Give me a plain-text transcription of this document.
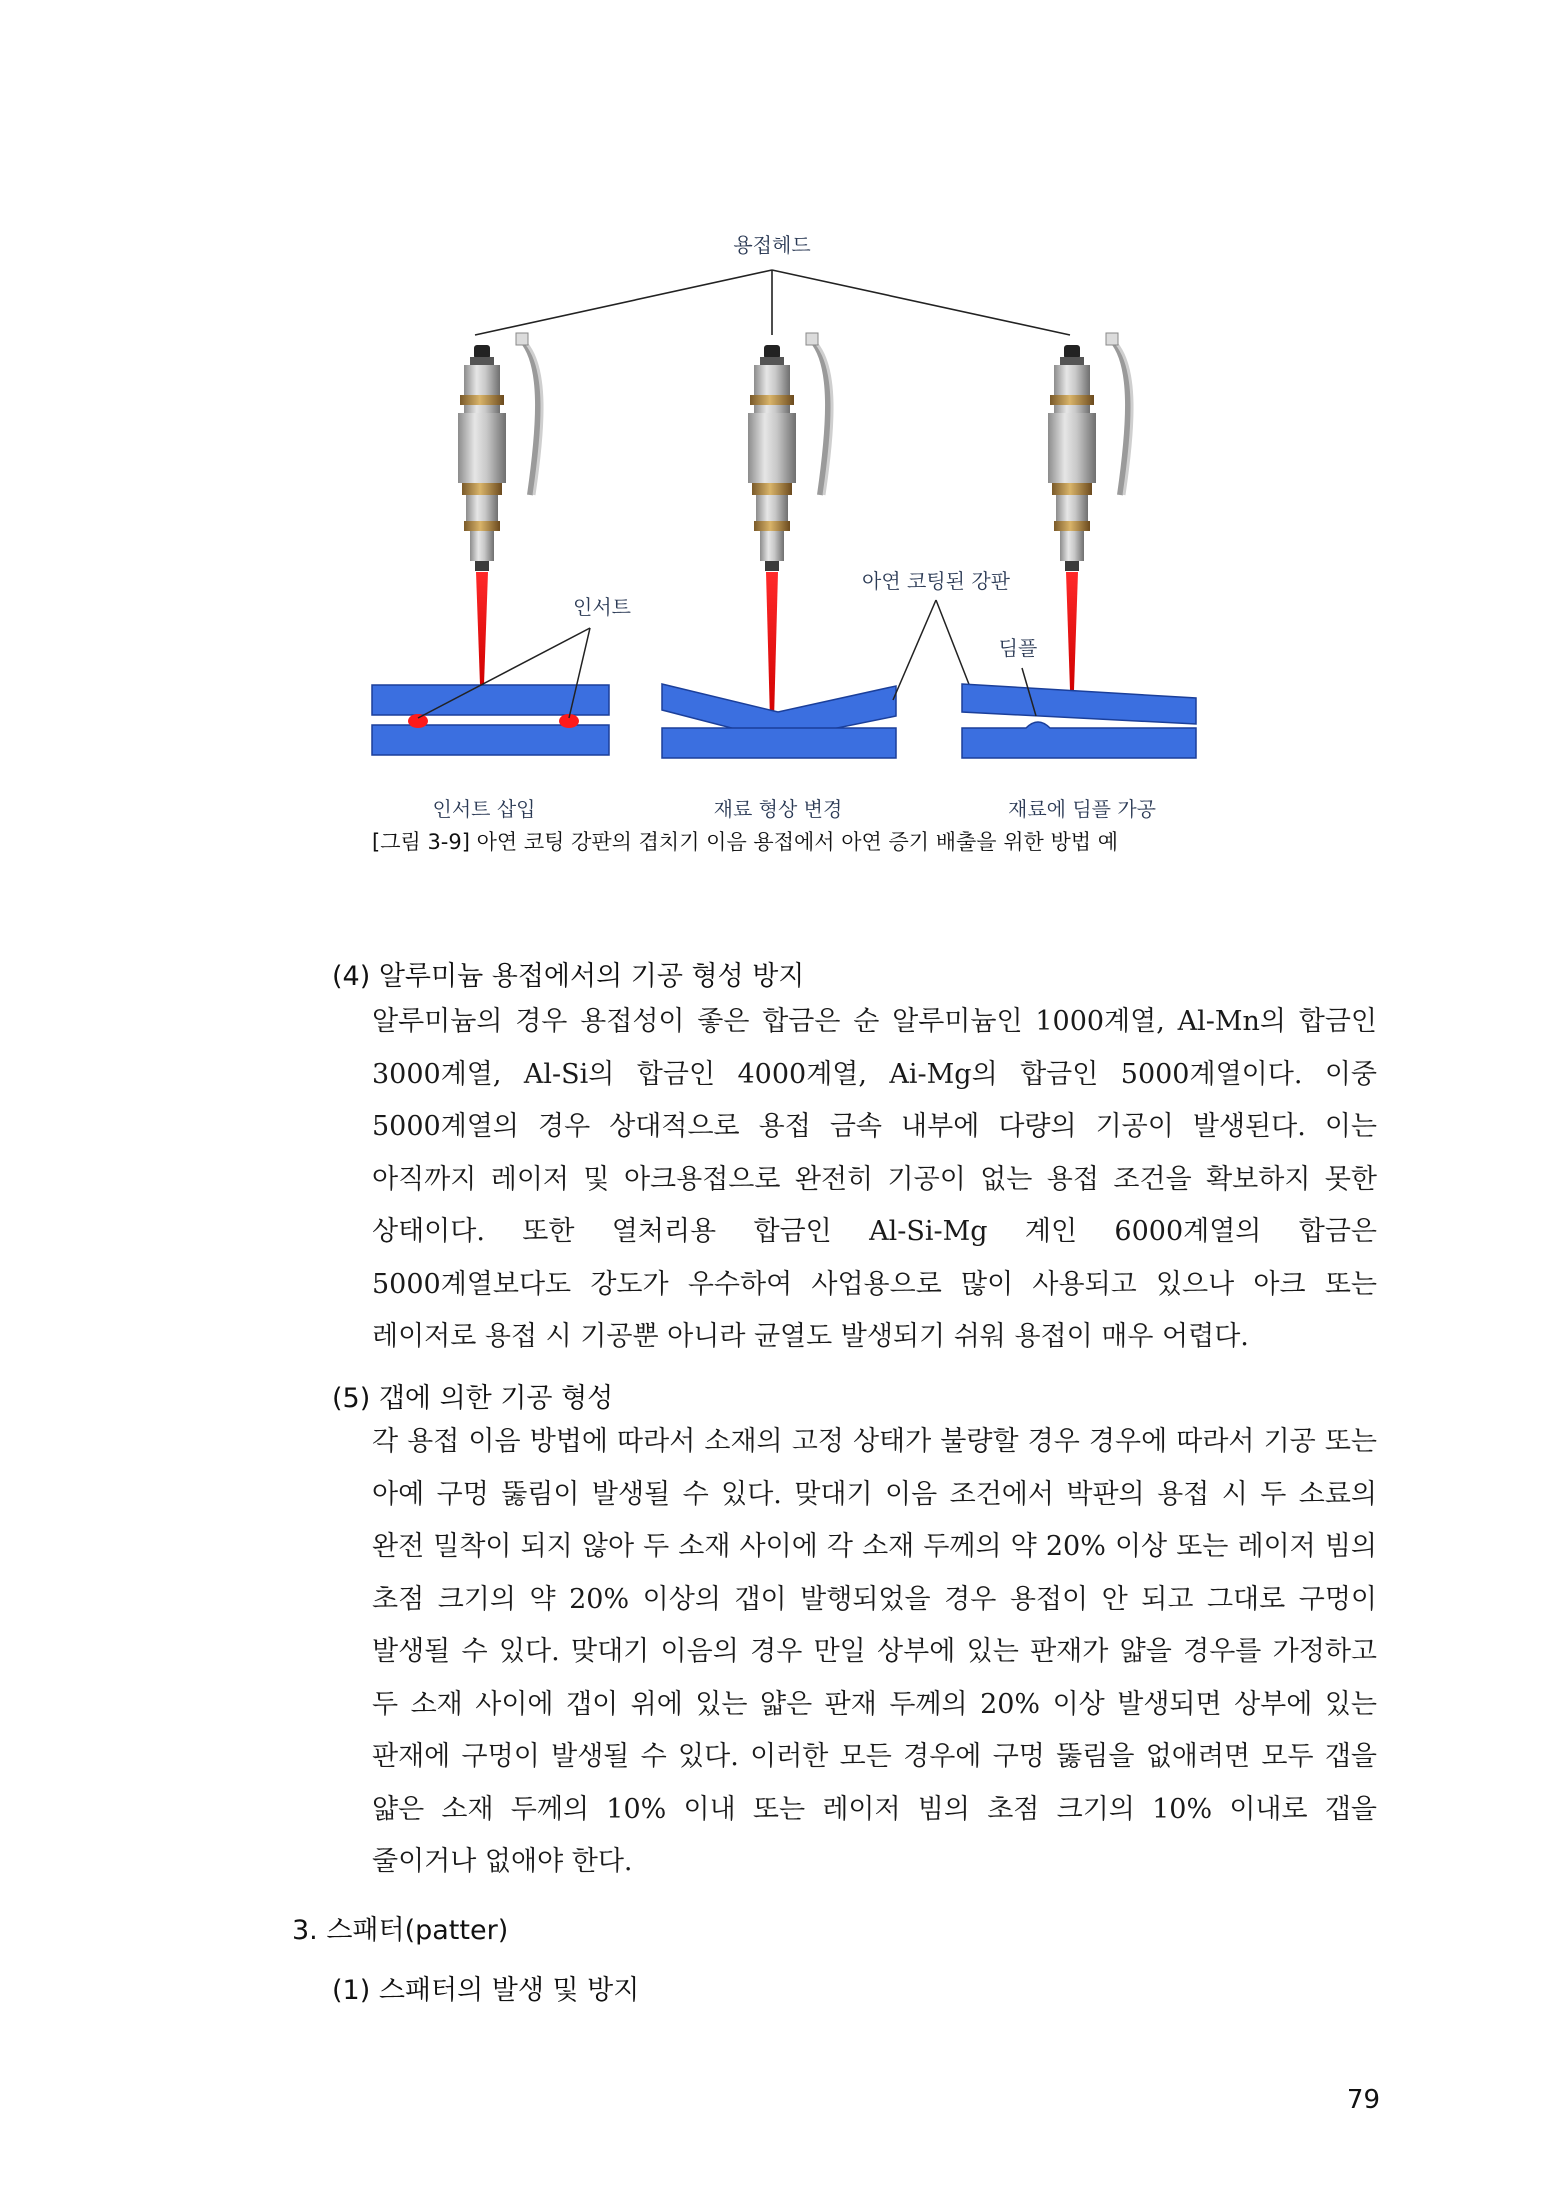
용접헤드
인서트
아연 코팅된 강판
딤플
인서트 삽입	재료 형상 변경	재료에 딤플 가공
[그림 3-9] 아연 코팅 강판의 겹치기 이음 용접에서 아연 증기 배출을 위한 방법 예
(4) 알루미늄 용접에서의 기공 형성 방지
알루미늄의 경우 용접성이 좋은 합금은 순 알루미늄인 1000계열, Al-Mn의 합금인 3000계열, Al-Si의 합금인 4000계열, Ai-Mg의 합금인 5000계열이다. 이중 5000계열의 경우 상대적으로 용접 금속 내부에 다량의 기공이 발생된다. 이는 아직까지 레이저 및 아크용접으로 완전히 기공이 없는 용접 조건을 확보하지 못한 상태이다. 또한 열처리용 합금인 Al-Si-Mg 계인 6000계열의 합금은 5000계열보다도 강도가 우수하여 사업용으로 많이 사용되고 있으나 아크 또는 레이저로 용접 시 기공뿐 아니라 균열도 발생되기 쉬워 용접이 매우 어렵다.
(5) 갭에 의한 기공 형성
각 용접 이음 방법에 따라서 소재의 고정 상태가 불량할 경우 경우에 따라서 기공 또는 아예 구멍 뚫림이 발생될 수 있다. 맞대기 이음 조건에서 박판의 용접 시 두 소료의 완전 밀착이 되지 않아 두 소재 사이에 각 소재 두께의 약 20% 이상 또는 레이저 빔의 초점 크기의 약 20% 이상의 갭이 발행되었을 경우 용접이 안 되고 그대로 구멍이 발생될 수 있다. 맞대기 이음의 경우 만일 상부에 있는 판재가 얇을 경우를 가정하고 두 소재 사이에 갭이 위에 있는 얇은 판재 두께의 20% 이상 발생되면 상부에 있는 판재에 구멍이 발생될 수 있다. 이러한 모든 경우에 구멍 뚫림을 없애려면 모두 갭을 얇은 소재 두께의 10% 이내 또는 레이저 빔의 초점 크기의 10% 이내로 갭을 줄이거나 없애야 한다.
3. 스패터(patter)
(1) 스패터의 발생 및 방지
79
